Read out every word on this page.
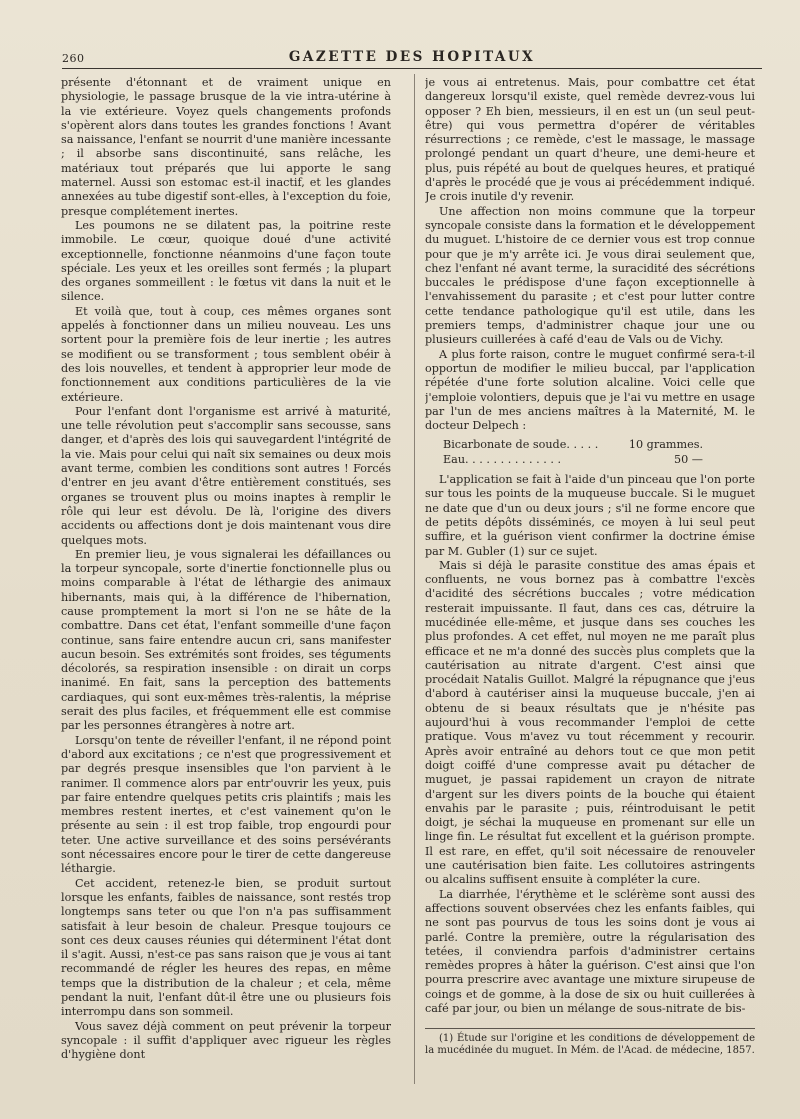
260	GAZETTE DES HOPITAUX

présente d'étonnant et de vraiment unique en physiologie, le passage brusque de la vie intra-utérine à la vie extérieure. Voyez quels changements profonds s'opèrent alors dans toutes les grandes fonctions ! Avant sa naissance, l'enfant se nourrit d'une manière incessante ; il absorbe sans discontinuité, sans relâche, les matériaux tout préparés que lui apporte le sang maternel. Aussi son estomac est-il inactif, et les glandes annexées au tube digestif sont-elles, à l'exception du foie, presque complétement inertes.

Les poumons ne se dilatent pas, la poitrine reste immobile. Le cœur, quoique doué d'une activité exceptionnelle, fonctionne néanmoins d'une façon toute spéciale. Les yeux et les oreilles sont fermés ; la plupart des organes sommeillent : le fœtus vit dans la nuit et le silence.

Et voilà que, tout à coup, ces mêmes organes sont appelés à fonctionner dans un milieu nouveau. Les uns sortent pour la première fois de leur inertie ; les autres se modifient ou se transforment ; tous semblent obéir à des lois nouvelles, et tendent à approprier leur mode de fonctionnement aux conditions particulières de la vie extérieure.

Pour l'enfant dont l'organisme est arrivé à maturité, une telle révolution peut s'accomplir sans secousse, sans danger, et d'après des lois qui sauvegardent l'intégrité de la vie. Mais pour celui qui naît six semaines ou deux mois avant terme, combien les conditions sont autres ! Forcés d'entrer en jeu avant d'être entièrement constitués, ses organes se trouvent plus ou moins inaptes à remplir le rôle qui leur est dévolu. De là, l'origine des divers accidents ou affections dont je dois maintenant vous dire quelques mots.

En premier lieu, je vous signalerai les défaillances ou la torpeur syncopale, sorte d'inertie fonctionnelle plus ou moins comparable à l'état de léthargie des animaux hibernants, mais qui, à la différence de l'hibernation, cause promptement la mort si l'on ne se hâte de la combattre. Dans cet état, l'enfant sommeille d'une façon continue, sans faire entendre aucun cri, sans manifester aucun besoin. Ses extrémités sont froides, ses téguments décolorés, sa respiration insensible : on dirait un corps inanimé. En fait, sans la perception des battements cardiaques, qui sont eux-mêmes très-ralentis, la méprise serait des plus faciles, et fréquemment elle est commise par les personnes étrangères à notre art.

Lorsqu'on tente de réveiller l'enfant, il ne répond point d'abord aux excitations ; ce n'est que progressivement et par degrés presque insensibles que l'on parvient à le ranimer. Il commence alors par entr'ouvrir les yeux, puis par faire entendre quelques petits cris plaintifs ; mais les membres restent inertes, et c'est vainement qu'on le présente au sein : il est trop faible, trop engourdi pour teter. Une active surveillance et des soins persévérants sont nécessaires encore pour le tirer de cette dangereuse léthargie.

Cet accident, retenez-le bien, se produit surtout lorsque les enfants, faibles de naissance, sont restés trop longtemps sans teter ou que l'on n'a pas suffisamment satisfait à leur besoin de chaleur. Presque toujours ce sont ces deux causes réunies qui déterminent l'état dont il s'agit. Aussi, n'est-ce pas sans raison que je vous ai tant recommandé de régler les heures des repas, en même temps que la distribution de la chaleur ; et cela, même pendant la nuit, l'enfant dût-il être une ou plusieurs fois interrompu dans son sommeil.

Vous savez déjà comment on peut prévenir la torpeur syncopale : il suffit d'appliquer avec rigueur les règles d'hygiène dont

je vous ai entretenus. Mais, pour combattre cet état dangereux lorsqu'il existe, quel remède devrez-vous lui opposer ? Eh bien, messieurs, il en est un (un seul peut-être) qui vous permettra d'opérer de véritables résurrections ; ce remède, c'est le massage, le massage prolongé pendant un quart d'heure, une demi-heure et plus, puis répété au bout de quelques heures, et pratiqué d'après le procédé que je vous ai précédemment indiqué. Je crois inutile d'y revenir.

Une affection non moins commune que la torpeur syncopale consiste dans la formation et le développement du muguet. L'histoire de ce dernier vous est trop connue pour que je m'y arrête ici. Je vous dirai seulement que, chez l'enfant né avant terme, la suracidité des sécrétions buccales le prédispose d'une façon exceptionnelle à l'envahissement du parasite ; et c'est pour lutter contre cette tendance pathologique qu'il est utile, dans les premiers temps, d'administrer chaque jour une ou plusieurs cuillerées à café d'eau de Vals ou de Vichy.

A plus forte raison, contre le muguet confirmé sera-t-il opportun de modifier le milieu buccal, par l'application répétée d'une forte solution alcaline. Voici celle que j'emploie volontiers, depuis que je l'ai vu mettre en usage par l'un de mes anciens maîtres à la Maternité, M. le docteur Delpech :

Bicarbonate de soude. . . . .	10 grammes.
Eau. . . . . . . . . . . . . .	50 —

L'application se fait à l'aide d'un pinceau que l'on porte sur tous les points de la muqueuse buccale. Si le muguet ne date que d'un ou deux jours ; s'il ne forme encore que de petits dépôts disséminés, ce moyen à lui seul peut suffire, et la guérison vient confirmer la doctrine émise par M. Gubler (1) sur ce sujet.

Mais si déjà le parasite constitue des amas épais et confluents, ne vous bornez pas à combattre l'excès d'acidité des sécrétions buccales ; votre médication resterait impuissante. Il faut, dans ces cas, détruire la mucédinée elle-même, et jusque dans ses couches les plus profondes. A cet effet, nul moyen ne me paraît plus efficace et ne m'a donné des succès plus complets que la cautérisation au nitrate d'argent. C'est ainsi que procédait Natalis Guillot. Malgré la répugnance que j'eus d'abord à cautériser ainsi la muqueuse buccale, j'en ai obtenu de si beaux résultats que je n'hésite pas aujourd'hui à vous recommander l'emploi de cette pratique. Vous m'avez vu tout récemment y recourir. Après avoir entraîné au dehors tout ce que mon petit doigt coiffé d'une compresse avait pu détacher de muguet, je passai rapidement un crayon de nitrate d'argent sur les divers points de la bouche qui étaient envahis par le parasite ; puis, réintroduisant le petit doigt, je séchai la muqueuse en promenant sur elle un linge fin. Le résultat fut excellent et la guérison prompte. Il est rare, en effet, qu'il soit nécessaire de renouveler une cautérisation bien faite. Les collutoires astringents ou alcalins suffisent ensuite à compléter la cure.

La diarrhée, l'érythème et le sclérème sont aussi des affections souvent observées chez les enfants faibles, qui ne sont pas pourvus de tous les soins dont je vous ai parlé. Contre la première, outre la régularisation des tetées, il conviendra parfois d'administrer certains remèdes propres à hâter la guérison. C'est ainsi que l'on pourra prescrire avec avantage une mixture sirupeuse de coings et de gomme, à la dose de six ou huit cuillerées à café par jour, ou bien un mélange de sous-nitrate de bis-

(1) Étude sur l'origine et les conditions de développement de la mucédinée du muguet. In Mém. de l'Acad. de médecine, 1857.
